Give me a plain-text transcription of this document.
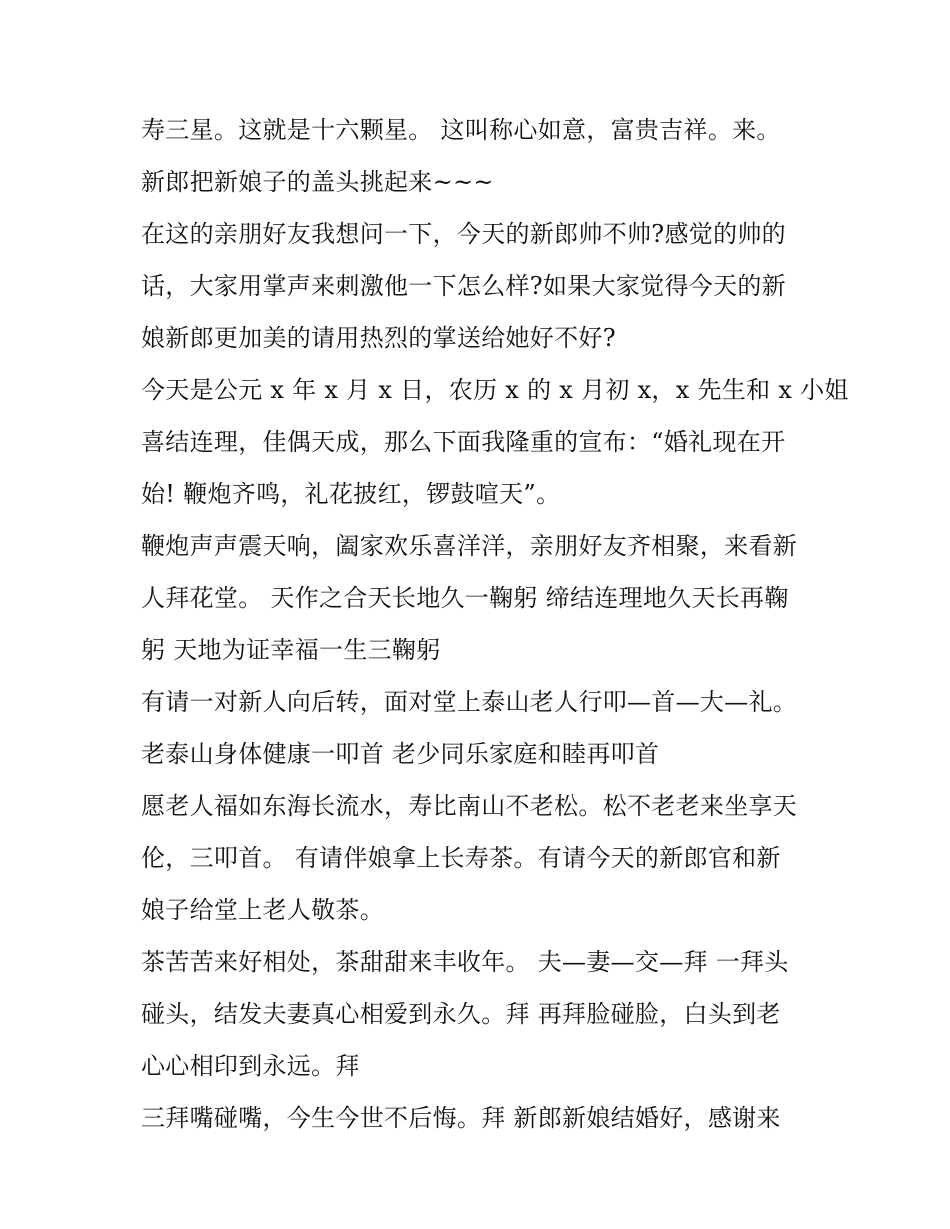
寿三星。这就是十六颗星。 这叫称心如意，富贵吉祥。来。
新郎把新娘子的盖头挑起来~~~
在这的亲朋好友我想问一下，今天的新郎帅不帅?感觉的帅的
话，大家用掌声来刺激他一下怎么样?如果大家觉得今天的新
娘新郎更加美的请用热烈的掌送给她好不好?
今天是公元 x 年 x 月 x 日，农历 x 的 x 月初 x，x 先生和 x 小姐
喜结连理，佳偶天成，那么下面我隆重的宣布：“婚礼现在开
始! 鞭炮齐鸣，礼花披红，锣鼓喧天”。
鞭炮声声震天响，阖家欢乐喜洋洋，亲朋好友齐相聚，来看新
人拜花堂。 天作之合天长地久一鞠躬 缔结连理地久天长再鞠
躬 天地为证幸福一生三鞠躬
有请一对新人向后转，面对堂上泰山老人行叩—首—大—礼。
老泰山身体健康一叩首 老少同乐家庭和睦再叩首
愿老人福如东海长流水，寿比南山不老松。松不老老来坐享天
伦，三叩首。 有请伴娘拿上长寿茶。有请今天的新郎官和新
娘子给堂上老人敬茶。
茶苦苦来好相处，茶甜甜来丰收年。 夫—妻—交—拜 一拜头
碰头，结发夫妻真心相爱到永久。拜 再拜脸碰脸，白头到老
心心相印到永远。拜
三拜嘴碰嘴，今生今世不后悔。拜 新郎新娘结婚好，感谢来
